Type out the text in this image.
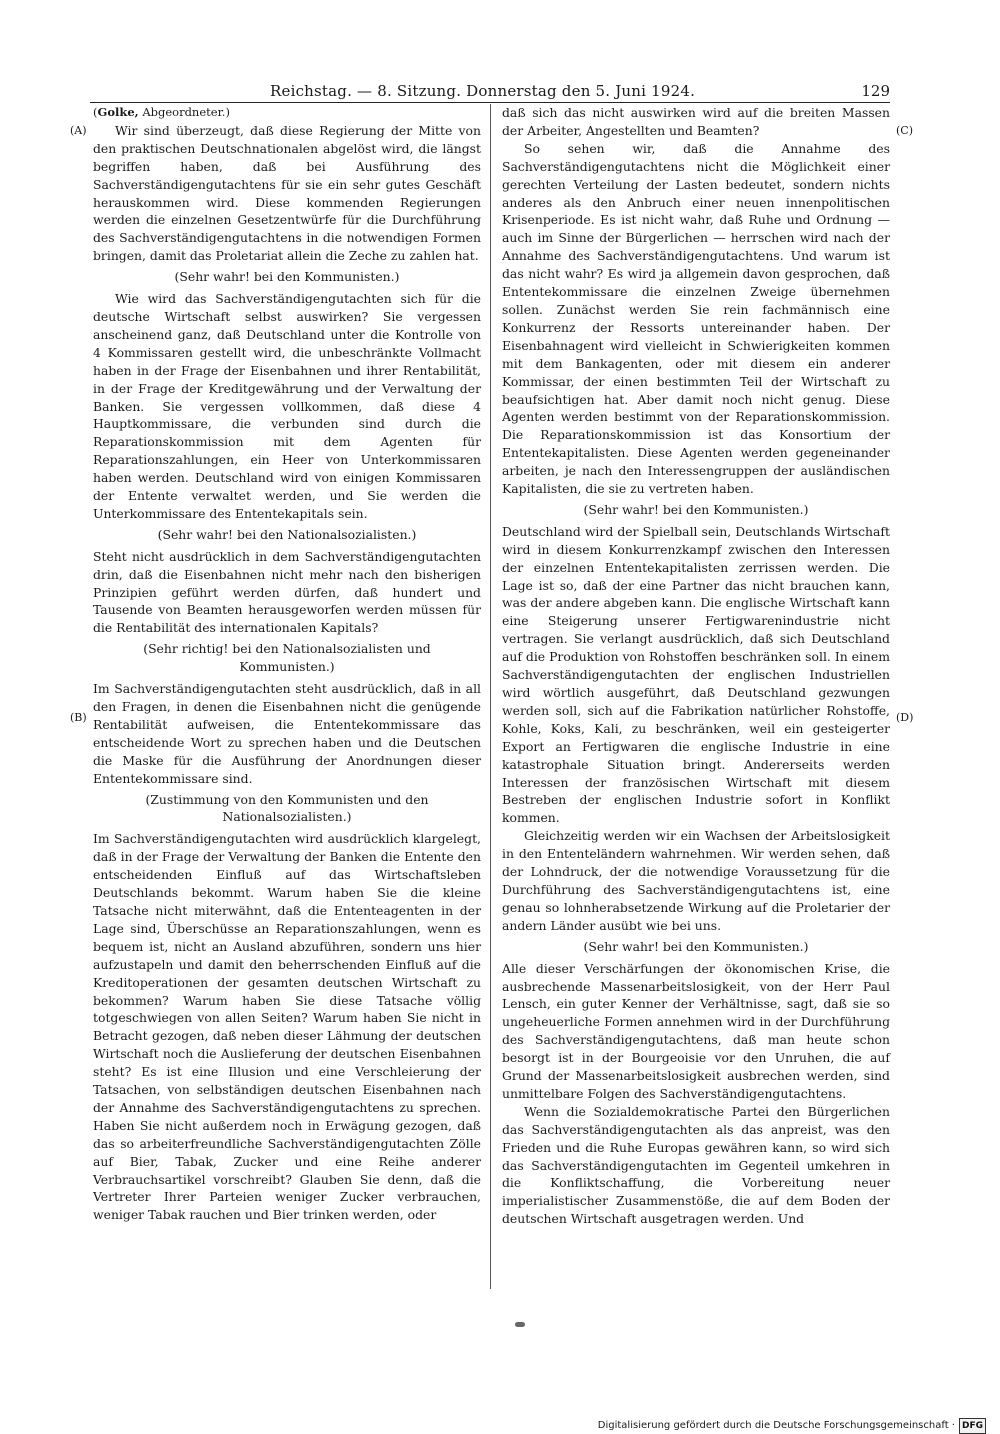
Reichstag. — 8. Sitzung. Donnerstag den 5. Juni 1924.	129
(A)
(B)
(C)
(D)
(Golke, Abgeordneter.)

Wir sind überzeugt, daß diese Regierung der Mitte von den praktischen Deutschnationalen abgelöst wird, die längst begriffen haben, daß bei Ausführung des Sachverständigengutachtens für sie ein sehr gutes Geschäft herauskommen wird. Diese kommenden Regierungen werden die einzelnen Gesetzentwürfe für die Durchführung des Sachverständigengutachtens in die notwendigen Formen bringen, damit das Proletariat allein die Zeche zu zahlen hat.

(Sehr wahr! bei den Kommunisten.)

Wie wird das Sachverständigengutachten sich für die deutsche Wirtschaft selbst auswirken? Sie vergessen anscheinend ganz, daß Deutschland unter die Kontrolle von 4 Kommissaren gestellt wird, die unbeschränkte Vollmacht haben in der Frage der Eisenbahnen und ihrer Rentabilität, in der Frage der Kreditgewährung und der Verwaltung der Banken. Sie vergessen vollkommen, daß diese 4 Hauptkommissare, die verbunden sind durch die Reparationskommission mit dem Agenten für Reparationszahlungen, ein Heer von Unterkommissaren haben werden. Deutschland wird von einigen Kommissaren der Entente verwaltet werden, und Sie werden die Unterkommissare des Ententekapitals sein.

(Sehr wahr! bei den Nationalsozialisten.)

Steht nicht ausdrücklich in dem Sachverständigengutachten drin, daß die Eisenbahnen nicht mehr nach den bisherigen Prinzipien geführt werden dürfen, daß hundert und Tausende von Beamten herausgeworfen werden müssen für die Rentabilität des internationalen Kapitals?

(Sehr richtig! bei den Nationalsozialisten und Kommunisten.)

Im Sachverständigengutachten steht ausdrücklich, daß in all den Fragen, in denen die Eisenbahnen nicht die genügende Rentabilität aufweisen, die Ententekommissare das entscheidende Wort zu sprechen haben und die Deutschen die Maske für die Ausführung der Anordnungen dieser Ententekommissare sind.

(Zustimmung von den Kommunisten und den Nationalsozialisten.)

Im Sachverständigengutachten wird ausdrücklich klargelegt, daß in der Frage der Verwaltung der Banken die Entente den entscheidenden Einfluß auf das Wirtschaftsleben Deutschlands bekommt. Warum haben Sie die kleine Tatsache nicht miterwähnt, daß die Ententeagenten in der Lage sind, Überschüsse an Reparationszahlungen, wenn es bequem ist, nicht an Ausland abzuführen, sondern uns hier aufzustapeln und damit den beherrschenden Einfluß auf die Kreditoperationen der gesamten deutschen Wirtschaft zu bekommen? Warum haben Sie diese Tatsache völlig totgeschwiegen von allen Seiten? Warum haben Sie nicht in Betracht gezogen, daß neben dieser Lähmung der deutschen Wirtschaft noch die Auslieferung der deutschen Eisenbahnen steht? Es ist eine Illusion und eine Verschleierung der Tatsachen, von selbständigen deutschen Eisenbahnen nach der Annahme des Sachverständigengutachtens zu sprechen. Haben Sie nicht außerdem noch in Erwägung gezogen, daß das so arbeiterfreundliche Sachverständigengutachten Zölle auf Bier, Tabak, Zucker und eine Reihe anderer Verbrauchsartikel vorschreibt? Glauben Sie denn, daß die Vertreter Ihrer Parteien weniger Zucker verbrauchen, weniger Tabak rauchen und Bier trinken werden, oder

daß sich das nicht auswirken wird auf die breiten Massen der Arbeiter, Angestellten und Beamten?

So sehen wir, daß die Annahme des Sachverständigengutachtens nicht die Möglichkeit einer gerechten Verteilung der Lasten bedeutet, sondern nichts anderes als den Anbruch einer neuen innenpolitischen Krisenperiode. Es ist nicht wahr, daß Ruhe und Ordnung — auch im Sinne der Bürgerlichen — herrschen wird nach der Annahme des Sachverständigengutachtens. Und warum ist das nicht wahr? Es wird ja allgemein davon gesprochen, daß Ententekommissare die einzelnen Zweige übernehmen sollen. Zunächst werden Sie rein fachmännisch eine Konkurrenz der Ressorts untereinander haben. Der Eisenbahnagent wird vielleicht in Schwierigkeiten kommen mit dem Bankagenten, oder mit diesem ein anderer Kommissar, der einen bestimmten Teil der Wirtschaft zu beaufsichtigen hat. Aber damit noch nicht genug. Diese Agenten werden bestimmt von der Reparationskommission. Die Reparationskommission ist das Konsortium der Ententekapitalisten. Diese Agenten werden gegeneinander arbeiten, je nach den Interessengruppen der ausländischen Kapitalisten, die sie zu vertreten haben.

(Sehr wahr! bei den Kommunisten.)

Deutschland wird der Spielball sein, Deutschlands Wirtschaft wird in diesem Konkurrenzkampf zwischen den Interessen der einzelnen Ententekapitalisten zerrissen werden. Die Lage ist so, daß der eine Partner das nicht brauchen kann, was der andere abgeben kann. Die englische Wirtschaft kann eine Steigerung unserer Fertigwarenindustrie nicht vertragen. Sie verlangt ausdrücklich, daß sich Deutschland auf die Produktion von Rohstoffen beschränken soll. In einem Sachverständigengutachten der englischen Industriellen wird wörtlich ausgeführt, daß Deutschland gezwungen werden soll, sich auf die Fabrikation natürlicher Rohstoffe, Kohle, Koks, Kali, zu beschränken, weil ein gesteigerter Export an Fertigwaren die englische Industrie in eine katastrophale Situation bringt. Andererseits werden Interessen der französischen Wirtschaft mit diesem Bestreben der englischen Industrie sofort in Konflikt kommen.

Gleichzeitig werden wir ein Wachsen der Arbeitslosigkeit in den Ententeländern wahrnehmen. Wir werden sehen, daß der Lohndruck, der die notwendige Voraussetzung für die Durchführung des Sachverständigengutachtens ist, eine genau so lohnherabsetzende Wirkung auf die Proletarier der andern Länder ausübt wie bei uns.

(Sehr wahr! bei den Kommunisten.)

Alle dieser Verschärfungen der ökonomischen Krise, die ausbrechende Massenarbeitslosigkeit, von der Herr Paul Lensch, ein guter Kenner der Verhältnisse, sagt, daß sie so ungeheuerliche Formen annehmen wird in der Durchführung des Sachverständigengutachtens, daß man heute schon besorgt ist in der Bourgeoisie vor den Unruhen, die auf Grund der Massenarbeitslosigkeit ausbrechen werden, sind unmittelbare Folgen des Sachverständigengutachtens.

Wenn die Sozialdemokratische Partei den Bürgerlichen das Sachverständigengutachten als das anpreist, was den Frieden und die Ruhe Europas gewähren kann, so wird sich das Sachverständigengutachten im Gegenteil umkehren in die Konfliktschaffung, die Vorbereitung neuer imperialistischer Zusammenstöße, die auf dem Boden der deutschen Wirtschaft ausgetragen werden. Und

Digitalisierung gefördert durch die Deutsche Forschungsgemeinschaft · DFG
